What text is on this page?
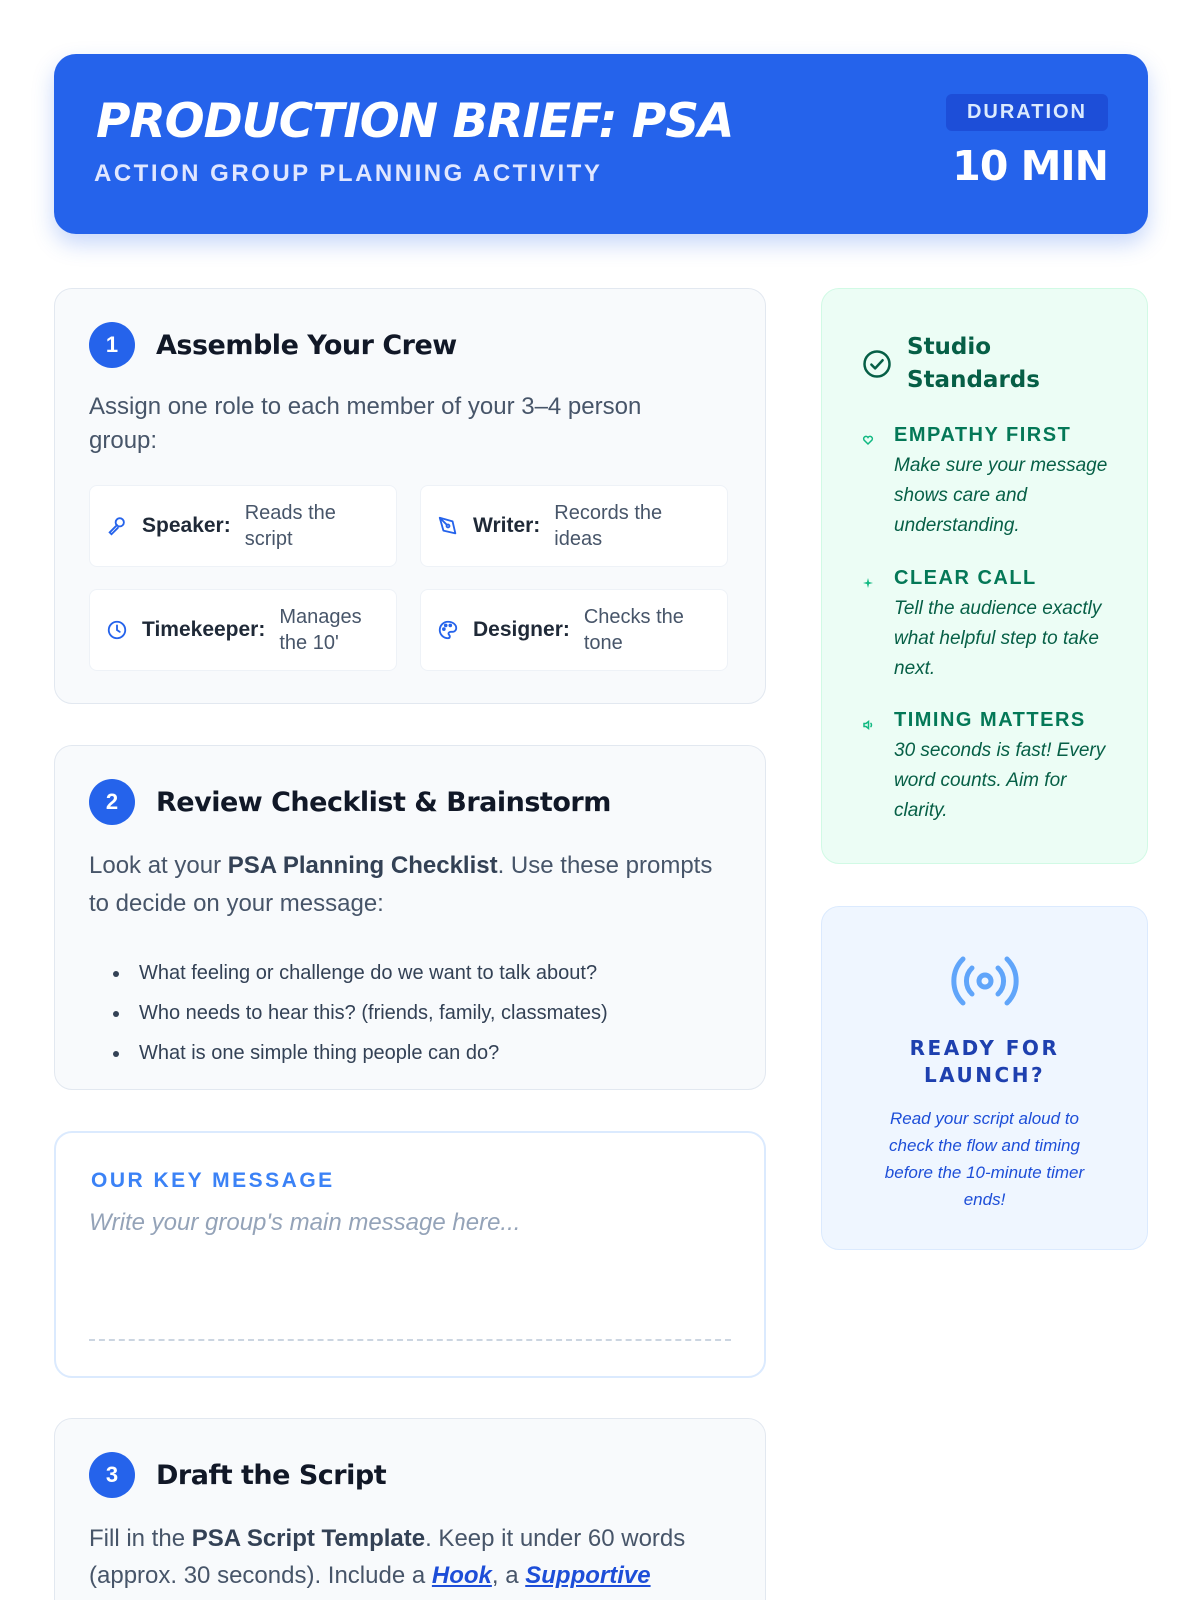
PRODUCTION BRIEF: PSA
ACTION GROUP PLANNING ACTIVITY
DURATION
10 MIN
1	Assemble Your Crew
Assign one role to each member of your 3–4 person group:
Speaker:
Reads the script
Writer:
Records the ideas
Timekeeper:
Manages the 10'
Designer:
Checks the tone
2	Review Checklist & Brainstorm
Look at your PSA Planning Checklist. Use these prompts to decide on your message:
• What feeling or challenge do we want to talk about?
• Who needs to hear this? (friends, family, classmates)
• What is one simple thing people can do?
OUR KEY MESSAGE
Write your group's main message here...
3	Draft the Script
Fill in the PSA Script Template. Keep it under 60 words (approx. 30 seconds). Include a Hook, a Supportive
Studio Standards
EMPATHY FIRST
Make sure your message shows care and understanding.
CLEAR CALL
Tell the audience exactly what helpful step to take next.
TIMING MATTERS
30 seconds is fast! Every word counts. Aim for clarity.
READY FOR LAUNCH?
Read your script aloud to check the flow and timing before the 10-minute timer ends!
